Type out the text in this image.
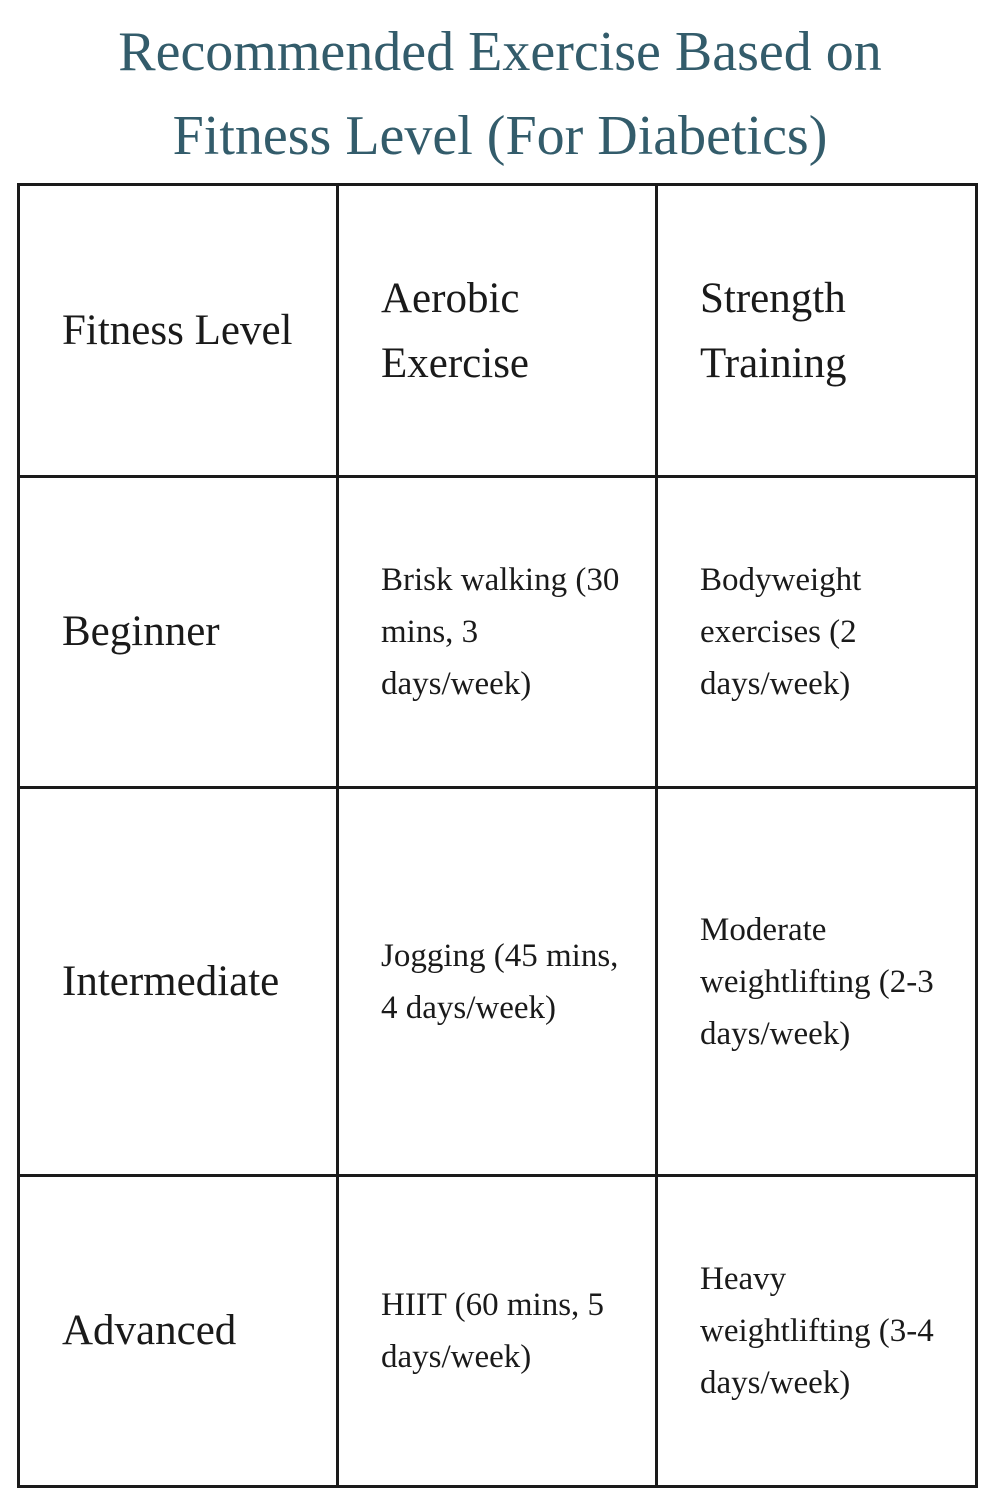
Recommended Exercise Based on
Fitness Level (For Diabetics)
Fitness Level	Aerobic Exercise	Strength Training

Beginner	Brisk walking (30 mins, 3 days/week)	Bodyweight exercises (2 days/week)

Intermediate	Jogging (45 mins, 4 days/week)	Moderate weightlifting (2-3 days/week)

Advanced	HIIT (60 mins, 5 days/week)	Heavy weightlifting (3-4 days/week)
